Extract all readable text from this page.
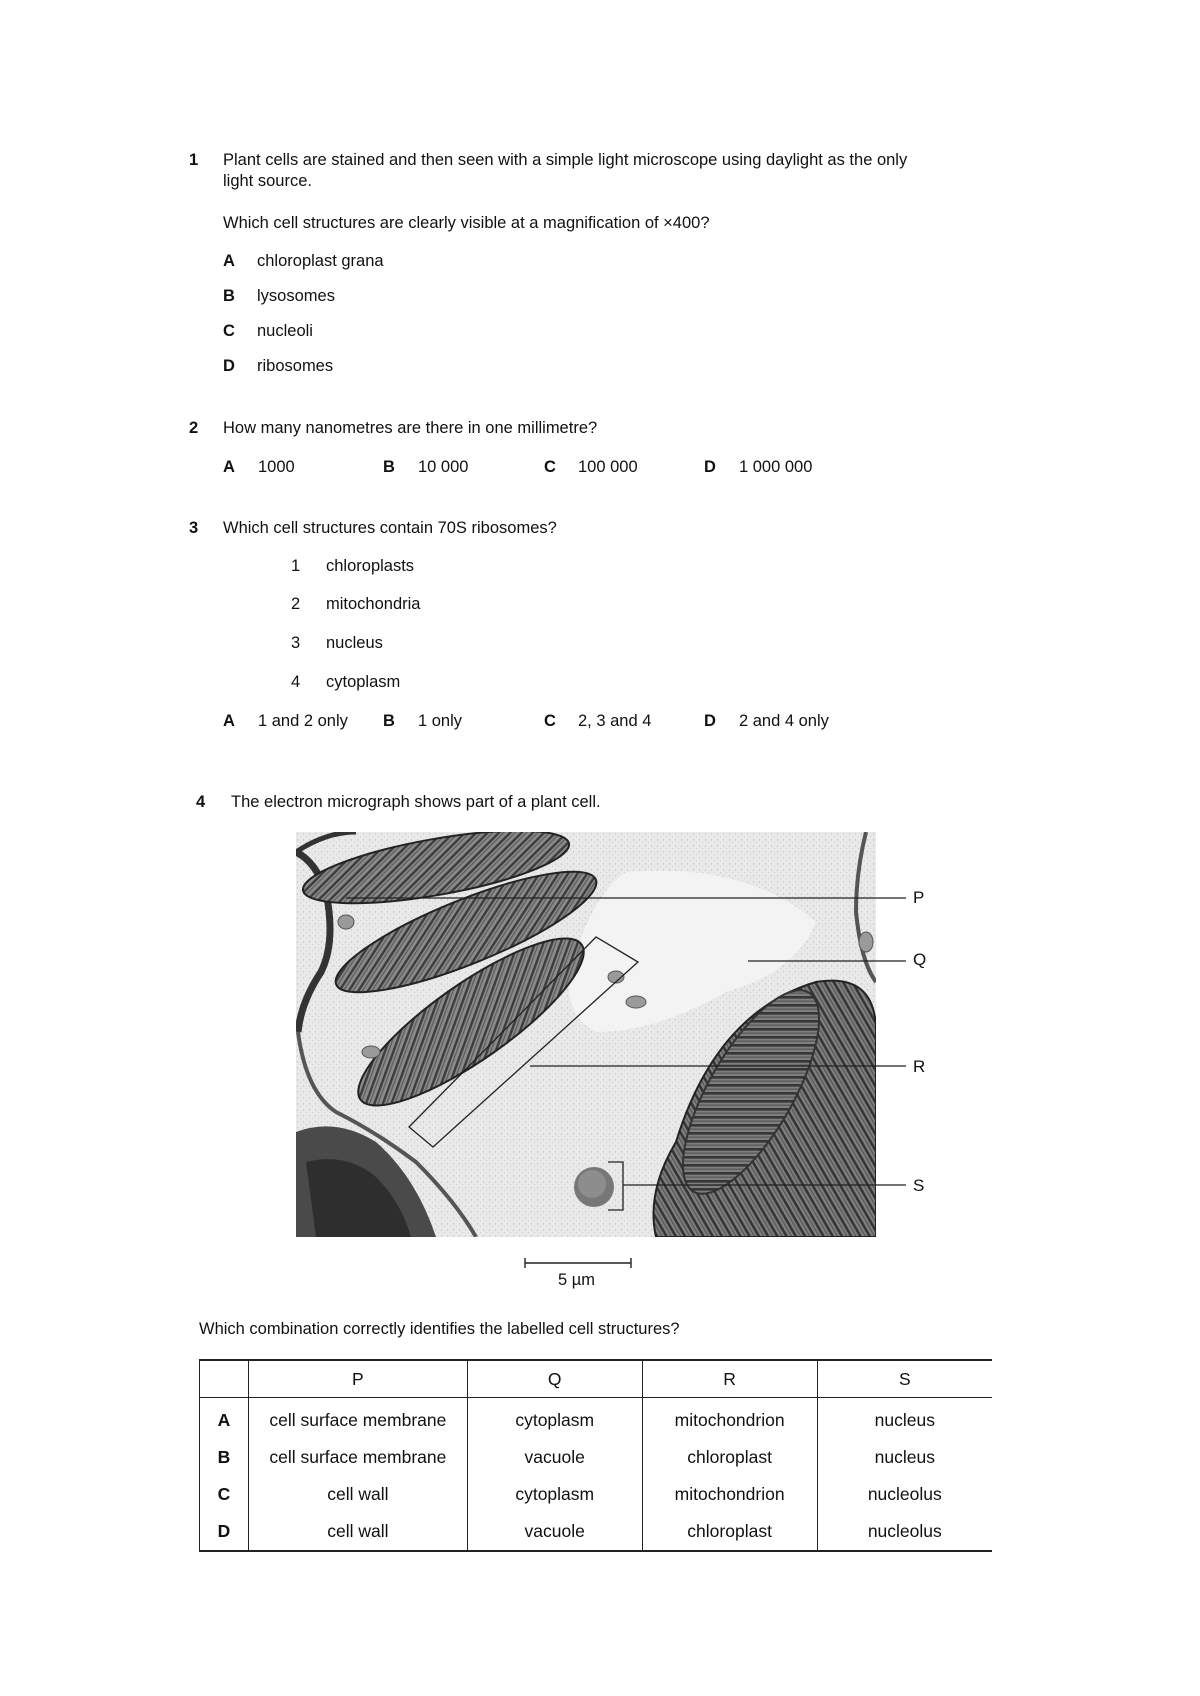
1 Plant cells are stained and then seen with a simple light microscope using daylight as the only
light source.
Which cell structures are clearly visible at a magnification of ×400?
A chloroplast grana
B lysosomes
C nucleoli
D ribosomes
2 How many nanometres are there in one millimetre?
A 1000	B 10 000	C 100 000	D 1 000 000
3 Which cell structures contain 70S ribosomes?
1 chloroplasts
2 mitochondria
3 nucleus
4 cytoplasm
A 1 and 2 only B 1 only	C 2, 3 and 4	D 2 and 4 only
4 The electron micrograph shows part of a plant cell.
P
Q
R
S
5 µm
Which combination correctly identifies the labelled cell structures?
	P	Q	R	S
A	cell surface membrane	cytoplasm	mitochondrion	nucleus
B	cell surface membrane	vacuole	chloroplast	nucleus
C	cell wall	cytoplasm	mitochondrion	nucleolus
D	cell wall	vacuole	chloroplast	nucleolus
